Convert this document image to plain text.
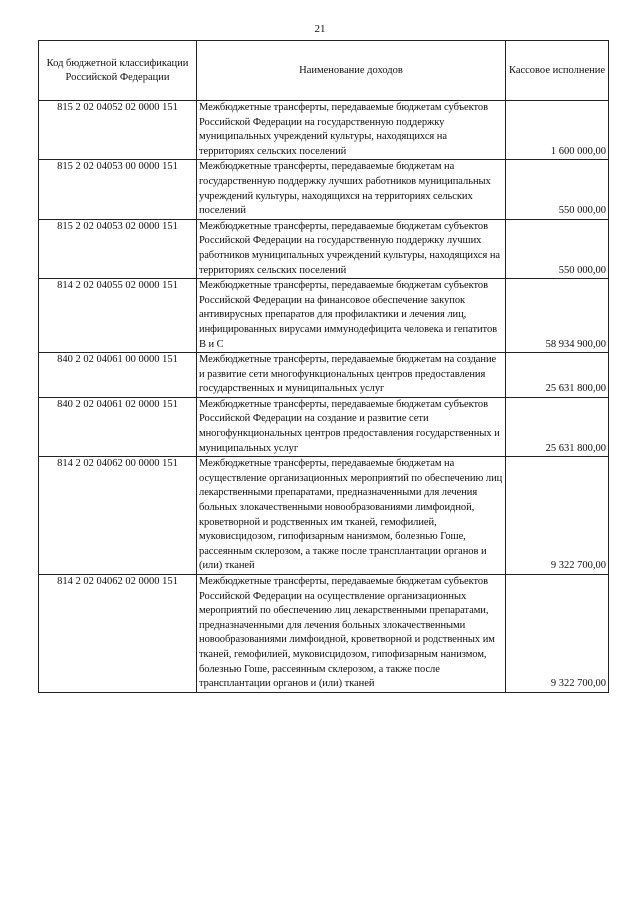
21
Код бюджетной классификации Российской Федерации	Наименование доходов	Кассовое исполнение
815 2 02 04052 02 0000 151	Межбюджетные трансферты, передаваемые бюджетам субъектов Российской Федерации на государственную поддержку муниципальных учреждений культуры, находящихся на территориях сельских поселений	1 600 000,00
815 2 02 04053 00 0000 151	Межбюджетные трансферты, передаваемые бюджетам на государственную поддержку лучших работников муниципальных учреждений культуры, находящихся на территориях сельских поселений	550 000,00
815 2 02 04053 02 0000 151	Межбюджетные трансферты, передаваемые бюджетам субъектов Российской Федерации на государственную поддержку лучших работников муниципальных учреждений культуры, находящихся на территориях сельских поселений	550 000,00
814 2 02 04055 02 0000 151	Межбюджетные трансферты, передаваемые бюджетам субъектов Российской Федерации на финансовое обеспечение закупок антивирусных препаратов для профилактики и лечения лиц, инфицированных вирусами иммунодефицита человека и гепатитов В и С	58 934 900,00
840 2 02 04061 00 0000 151	Межбюджетные трансферты, передаваемые бюджетам на создание и развитие сети многофункциональных центров предоставления государственных и муниципальных услуг	25 631 800,00
840 2 02 04061 02 0000 151	Межбюджетные трансферты, передаваемые бюджетам субъектов Российской Федерации на создание и развитие сети многофункциональных центров предоставления государственных и муниципальных услуг	25 631 800,00
814 2 02 04062 00 0000 151	Межбюджетные трансферты, передаваемые бюджетам на осуществление организационных мероприятий по обеспечению лиц лекарственными препаратами, предназначенными для лечения больных злокачественными новообразованиями лимфоидной, кроветворной и родственных им тканей, гемофилией, муковисцидозом, гипофизарным нанизмом, болезнью Гоше, рассеянным склерозом, а также после трансплантации органов и (или) тканей	9 322 700,00
814 2 02 04062 02 0000 151	Межбюджетные трансферты, передаваемые бюджетам субъектов Российской Федерации на осуществление организационных мероприятий по обеспечению лиц лекарственными препаратами, предназначенными для лечения больных злокачественными новообразованиями лимфоидной, кроветворной и родственных им тканей, гемофилией, муковисцидозом, гипофизарным нанизмом, болезнью Гоше, рассеянным склерозом, а также после трансплантации органов и (или) тканей	9 322 700,00
